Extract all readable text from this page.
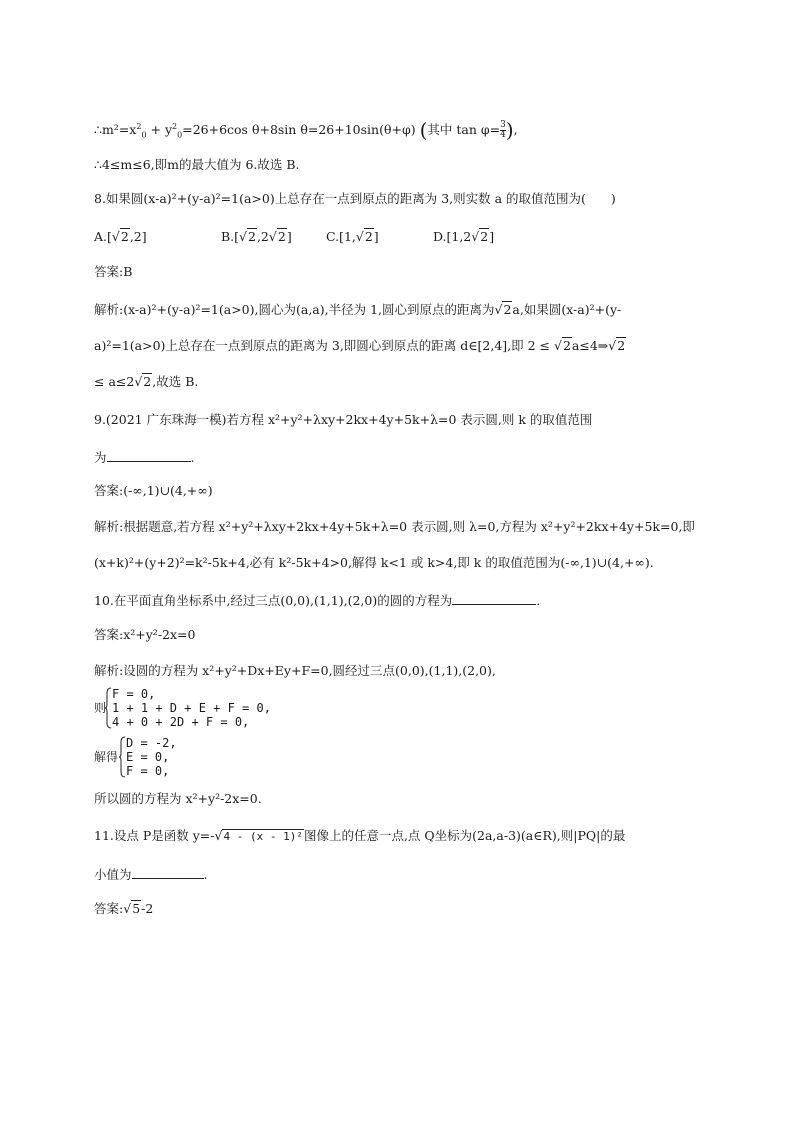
$\therefore m^2=x^2_0 + y^2_0=26+6\cos$ θ+8sin θ=26+10sin(θ+φ) (其中 $\tan \varphi= \frac{3}{4}$ ),
∴4≤m≤6,即m的最大值为 6.故选 B.
8.如果圆(x-a)²+(y-a)²=1(a>0)上总存在一点到原点的距离为 3,则实数 a 的取值范围为(　　)
A.[√2,2]	B.[√2,2√2]	C.[1,√2]	D.[1,2√2]
答案:B
解析:(x-a)²+(y-a)²=1(a>0),圆心为(a,a),半径为 1,圆心到原点的距离为√2a,如果圆(x-a)²+(y-
a)²=1(a>0)上总存在一点到原点的距离为 3,即圆心到原点的距离 d∈[2,4],即 2 ≤ √2a≤4⇒√2
≤ a≤2√2,故选 B.
9.(2021 广东珠海一模)若方程 x²+y²+λxy+2kx+4y+5k+λ=0 表示圆,则 k 的取值范围
为	.
答案:(-∞,1)∪(4,+∞)
解析:根据题意,若方程 x²+y²+λxy+2kx+4y+5k+λ=0 表示圆,则 λ=0,方程为 x²+y²+2kx+4y+5k=0,即
(x+k)²+(y+2)²=k²-5k+4,必有 k²-5k+4>0,解得 k<1 或 k>4,即 k 的取值范围为(-∞,1)∪(4,+∞).
10.在平面直角坐标系中,经过三点(0,0),(1,1),(2,0)的圆的方程为	.
答案:x²+y²-2x=0
解析:设圆的方程为 x²+y²+Dx+Ey+F=0,圆经过三点(0,0),(1,1),(2,0),
则
F = 0,
1 + 1 + D + E + F = 0,
4 + 0 + 2D + F = 0,
解得
D = -2,
E = 0,
F = 0,
所以圆的方程为 x²+y²-2x=0.
11.设点 P是函数 y=-√4 - (x - 1)²图像上的任意一点,点 Q坐标为(2a,a-3)(a∈R),则|PQ|的最
小值为	.
答案:√5-2
